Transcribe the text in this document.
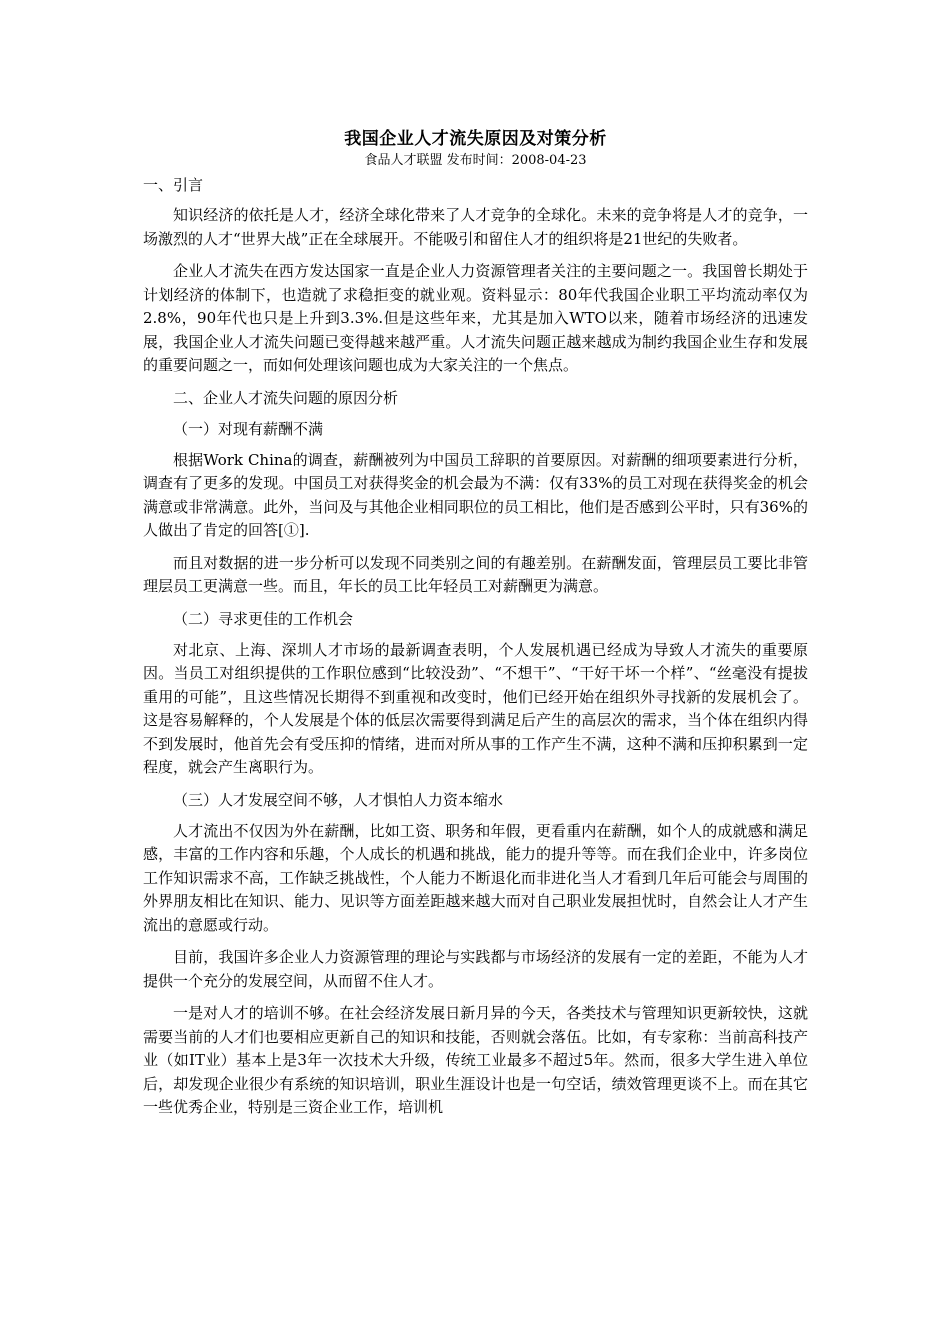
我国企业人才流失原因及对策分析
食品人才联盟 发布时间：2008-04-23
一、引言

知识经济的依托是人才，经济全球化带来了人才竞争的全球化。未来的竞争将是人才的竞争，一场激烈的人才“世界大战”正在全球展开。不能吸引和留住人才的组织将是21世纪的失败者。

企业人才流失在西方发达国家一直是企业人力资源管理者关注的主要问题之一。我国曾长期处于计划经济的体制下，也造就了求稳拒变的就业观。资料显示：80年代我国企业职工平均流动率仅为2.8%，90年代也只是上升到3.3%.但是这些年来，尤其是加入WTO以来，随着市场经济的迅速发展，我国企业人才流失问题已变得越来越严重。人才流失问题正越来越成为制约我国企业生存和发展的重要问题之一，而如何处理该问题也成为大家关注的一个焦点。

二、企业人才流失问题的原因分析
（一）对现有薪酬不满

根据Work China的调查，薪酬被列为中国员工辞职的首要原因。对薪酬的细项要素进行分析，调查有了更多的发现。中国员工对获得奖金的机会最为不满：仅有33%的员工对现在获得奖金的机会满意或非常满意。此外，当问及与其他企业相同职位的员工相比，他们是否感到公平时，只有36%的人做出了肯定的回答[①].

而且对数据的进一步分析可以发现不同类别之间的有趣差别。在薪酬发面，管理层员工要比非管理层员工更满意一些。而且，年长的员工比年轻员工对薪酬更为满意。

（二）寻求更佳的工作机会

对北京、上海、深圳人才市场的最新调查表明，个人发展机遇已经成为导致人才流失的重要原因。当员工对组织提供的工作职位感到“比较没劲”、“不想干”、“干好干坏一个样”、“丝毫没有提拔重用的可能”，且这些情况长期得不到重视和改变时，他们已经开始在组织外寻找新的发展机会了。这是容易解释的，个人发展是个体的低层次需要得到满足后产生的高层次的需求，当个体在组织内得不到发展时，他首先会有受压抑的情绪，进而对所从事的工作产生不满，这种不满和压抑积累到一定程度，就会产生离职行为。

（三）人才发展空间不够，人才惧怕人力资本缩水

人才流出不仅因为外在薪酬，比如工资、职务和年假，更看重内在薪酬，如个人的成就感和满足感，丰富的工作内容和乐趣，个人成长的机遇和挑战，能力的提升等等。而在我们企业中，许多岗位工作知识需求不高，工作缺乏挑战性，个人能力不断退化而非进化当人才看到几年后可能会与周围的外界朋友相比在知识、能力、见识等方面差距越来越大而对自己职业发展担忧时，自然会让人才产生流出的意愿或行动。

目前，我国许多企业人力资源管理的理论与实践都与市场经济的发展有一定的差距，不能为人才提供一个充分的发展空间，从而留不住人才。

一是对人才的培训不够。在社会经济发展日新月异的今天，各类技术与管理知识更新较快，这就需要当前的人才们也要相应更新自己的知识和技能，否则就会落伍。比如，有专家称：当前高科技产业（如IT业）基本上是3年一次技术大升级，传统工业最多不超过5年。然而，很多大学生进入单位后，却发现企业很少有系统的知识培训，职业生涯设计也是一句空话，绩效管理更谈不上。而在其它一些优秀企业，特别是三资企业工作，培训机
